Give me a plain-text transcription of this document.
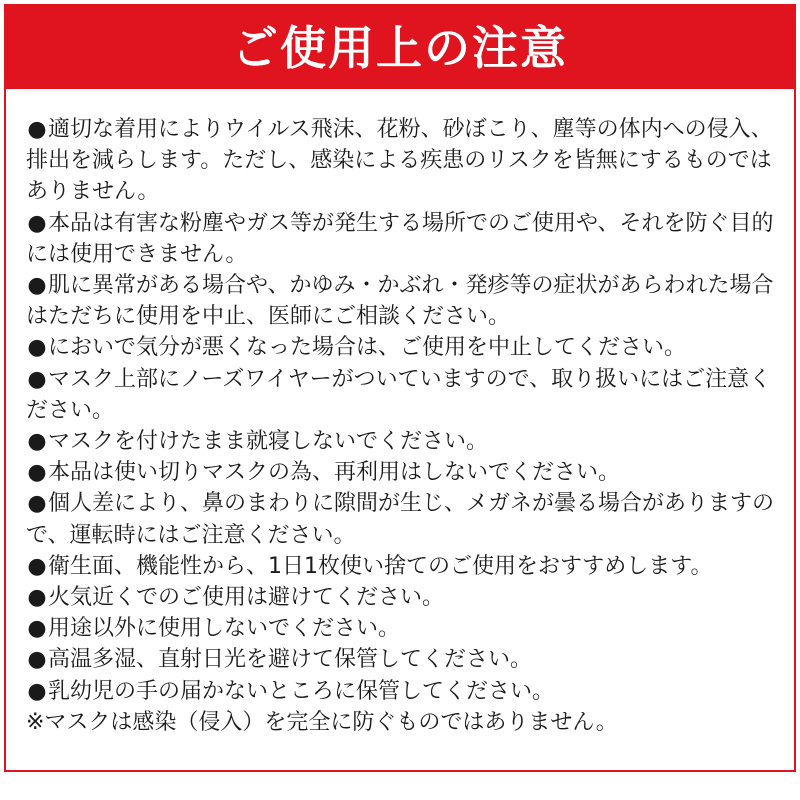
ご使用上の注意
●適切な着用によりウイルス飛沫、花粉、砂ぼこり、塵等の体内への侵入、排出を減らします。ただし、感染による疾患のリスクを皆無にするものではありません。
●本品は有害な粉塵やガス等が発生する場所でのご使用や、それを防ぐ目的には使用できません。
●肌に異常がある場合や、かゆみ・かぶれ・発疹等の症状があらわれた場合はただちに使用を中止、医師にご相談ください。
●においで気分が悪くなった場合は、ご使用を中止してください。
●マスク上部にノーズワイヤーがついていますので、取り扱いにはご注意ください。
●マスクを付けたまま就寝しないでください。
●本品は使い切りマスクの為、再利用はしないでください。
●個人差により、鼻のまわりに隙間が生じ、メガネが曇る場合がありますので、運転時にはご注意ください。
●衛生面、機能性から、1日1枚使い捨てのご使用をおすすめします。
●火気近くでのご使用は避けてください。
●用途以外に使用しないでください。
●高温多湿、直射日光を避けて保管してください。
●乳幼児の手の届かないところに保管してください。
※マスクは感染（侵入）を完全に防ぐものではありません。
